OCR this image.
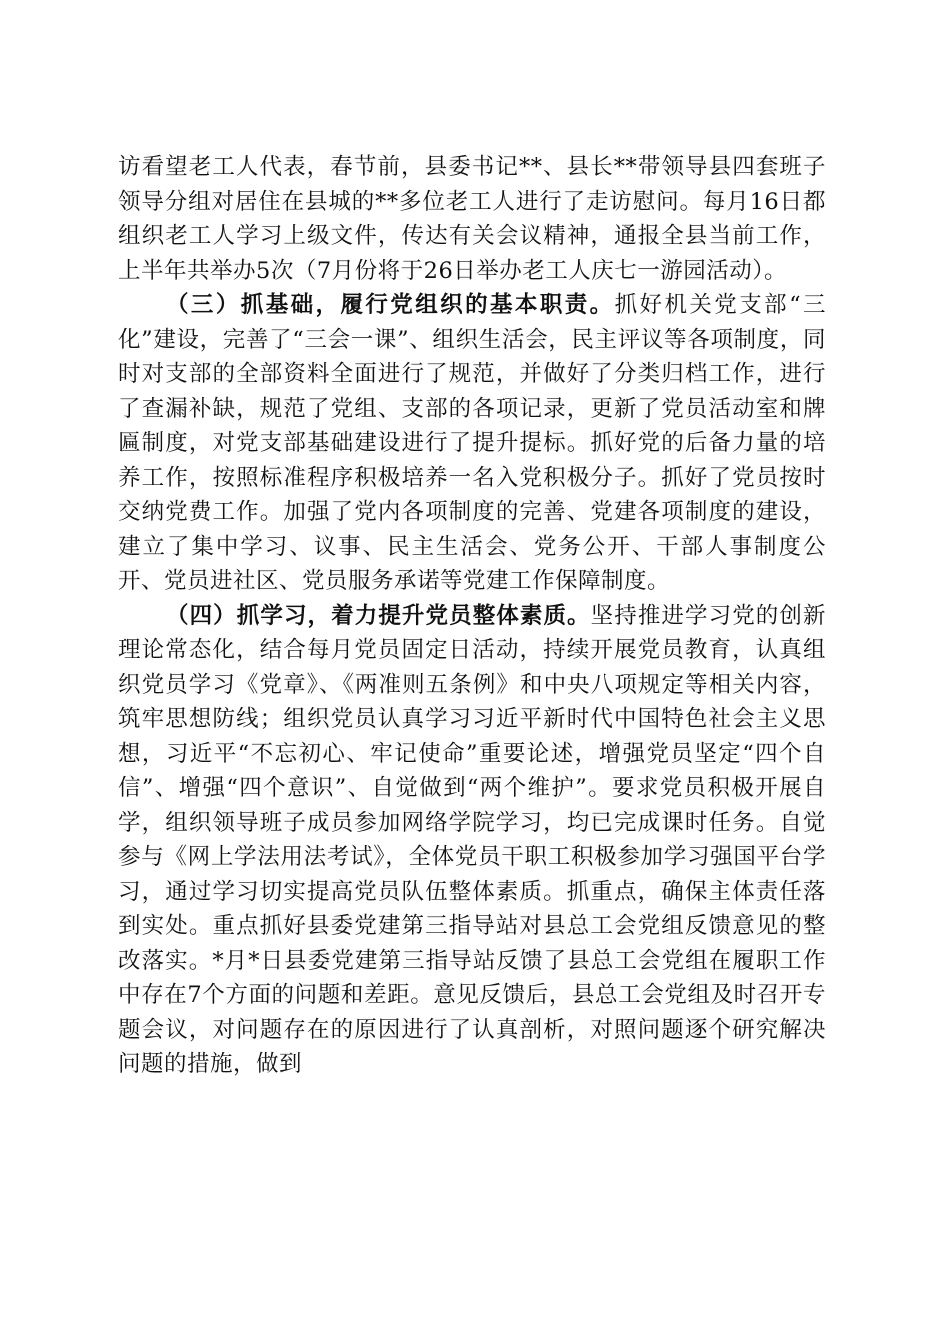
访看望老工人代表，春节前，县委书记**、县长**带领导县四套班子领导分组对居住在县城的**多位老工人进行了走访慰问。每月16日都组织老工人学习上级文件，传达有关会议精神，通报全县当前工作，上半年共举办5次（7月份将于26日举办老工人庆七一游园活动）。

（三）抓基础，履行党组织的基本职责。抓好机关党支部“三化”建设，完善了“三会一课”、组织生活会，民主评议等各项制度，同时对支部的全部资料全面进行了规范，并做好了分类归档工作，进行了查漏补缺，规范了党组、支部的各项记录，更新了党员活动室和牌匾制度，对党支部基础建设进行了提升提标。抓好党的后备力量的培养工作，按照标准程序积极培养一名入党积极分子。抓好了党员按时交纳党费工作。加强了党内各项制度的完善、党建各项制度的建设，建立了集中学习、议事、民主生活会、党务公开、干部人事制度公开、党员进社区、党员服务承诺等党建工作保障制度。

（四）抓学习，着力提升党员整体素质。坚持推进学习党的创新理论常态化，结合每月党员固定日活动，持续开展党员教育，认真组织党员学习《党章》、《两准则五条例》和中央八项规定等相关内容，筑牢思想防线；组织党员认真学习习近平新时代中国特色社会主义思想，习近平“不忘初心、牢记使命”重要论述，增强党员坚定“四个自信”、增强“四个意识”、自觉做到“两个维护”。要求党员积极开展自学，组织领导班子成员参加网络学院学习，均已完成课时任务。自觉参与《网上学法用法考试》，全体党员干职工积极参加学习强国平台学习，通过学习切实提高党员队伍整体素质。抓重点，确保主体责任落到实处。重点抓好县委党建第三指导站对县总工会党组反馈意见的整改落实。*月*日县委党建第三指导站反馈了县总工会党组在履职工作中存在7个方面的问题和差距。意见反馈后，县总工会党组及时召开专题会议，对问题存在的原因进行了认真剖析，对照问题逐个研究解决问题的措施，做到
